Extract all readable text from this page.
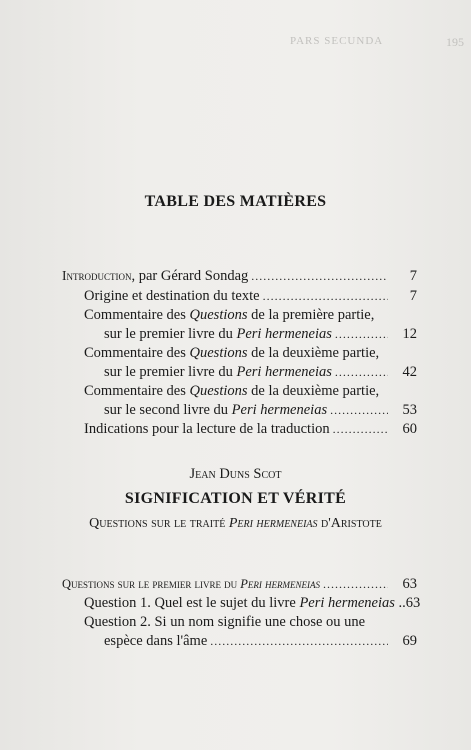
PARS SECUNDA	195
TABLE DES MATIÈRES
Introduction, par Gérard Sondag .....	7
Origine et destination du texte .....	7
Commentaire des Questions de la première partie,
sur le premier livre du Peri hermeneias .....	12
Commentaire des Questions de la deuxième partie,
sur le premier livre du Peri hermeneias .....	42
Commentaire des Questions de la deuxième partie,
sur le second livre du Peri hermeneias .....	53
Indications pour la lecture de la traduction .....	60
Jean Duns Scot
SIGNIFICATION ET VÉRITÉ
Questions sur le traité Peri hermeneias d'Aristote
Questions sur le premier livre du Peri hermeneias .....	63
Question 1. Quel est le sujet du livre Peri hermeneias .. 63
Question 2. Si un nom signifie une chose ou une
espèce dans l'âme .....	69
